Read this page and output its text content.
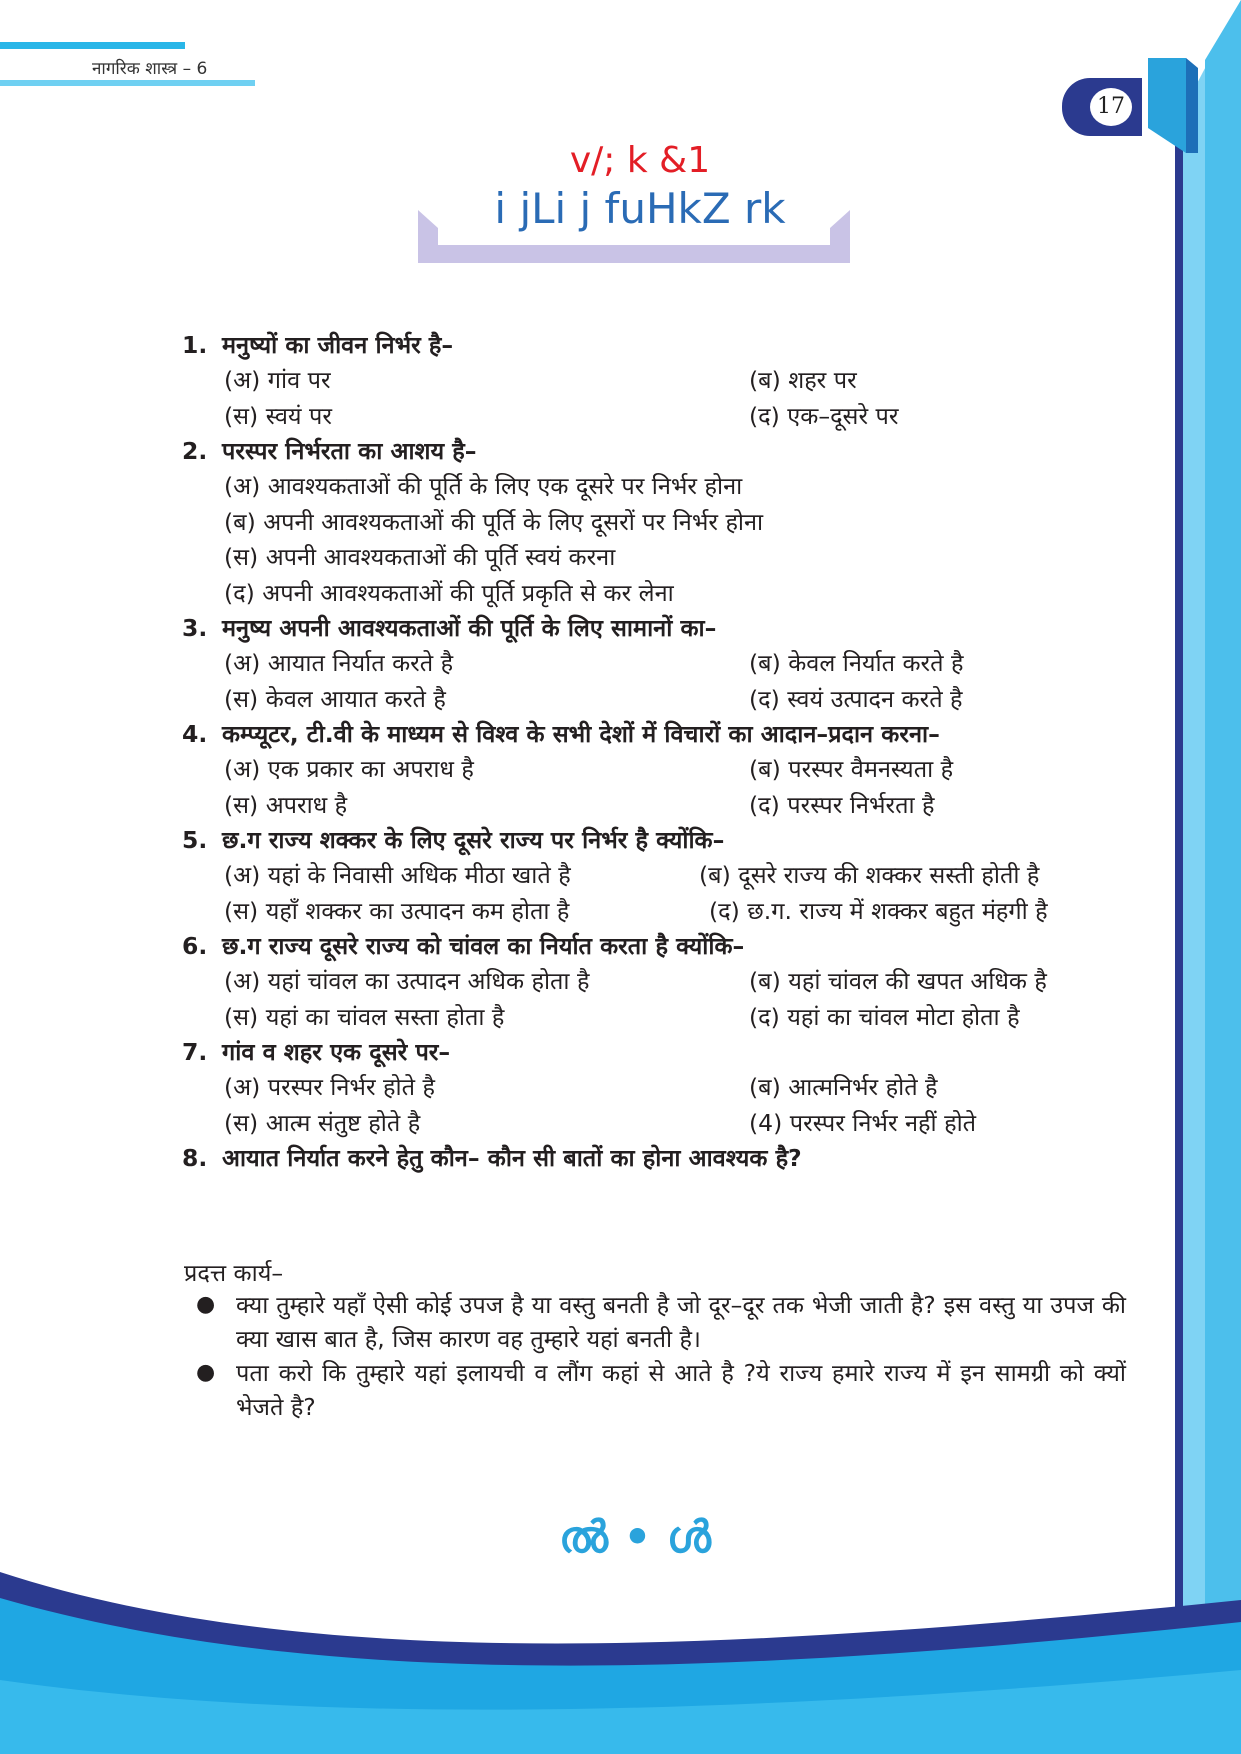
नागरिक शास्त्र – 6
17
v/; k &1
i jLi j fuHkZ rk
1. मनुष्यों का जीवन निर्भर है–
(अ) गांव पर	(ब) शहर पर
(स) स्वयं पर	(द) एक–दूसरे पर
2. परस्पर निर्भरता का आशय है–
(अ) आवश्यकताओं की पूर्ति के लिए एक दूसरे पर निर्भर होना
(ब) अपनी आवश्यकताओं की पूर्ति के लिए दूसरों पर निर्भर होना
(स) अपनी आवश्यकताओं की पूर्ति स्वयं करना
(द) अपनी आवश्यकताओं की पूर्ति प्रकृति से कर लेना
3. मनुष्य अपनी आवश्यकताओं की पूर्ति के लिए सामानों का–
(अ) आयात निर्यात करते है	(ब) केवल निर्यात करते है
(स) केवल आयात करते है	(द) स्वयं उत्पादन करते है
4. कम्प्यूटर, टी.वी के माध्यम से विश्व के सभी देशों में विचारों का आदान–प्रदान करना–
(अ) एक प्रकार का अपराध है	(ब) परस्पर वैमनस्यता है
(स) अपराध है	(द) परस्पर निर्भरता है
5. छ.ग राज्य शक्कर के लिए दूसरे राज्य पर निर्भर है क्योंकि–
(अ) यहां के निवासी अधिक मीठा खाते है	(ब) दूसरे राज्य की शक्कर सस्ती होती है
(स) यहाँ शक्कर का उत्पादन कम होता है	(द) छ.ग. राज्य में शक्कर बहुत मंहगी है
6. छ.ग राज्य दूसरे राज्य को चांवल का निर्यात करता है क्योंकि–
(अ) यहां चांवल का उत्पादन अधिक होता है	(ब) यहां चांवल की खपत अधिक है
(स) यहां का चांवल सस्ता होता है	(द) यहां का चांवल मोटा होता है
7. गांव व शहर एक दूसरे पर–
(अ) परस्पर निर्भर होते है	(ब) आत्मनिर्भर होते है
(स) आत्म संतुष्ट होते है	(4) परस्पर निर्भर नहीं होते
8. आयात निर्यात करने हेतु कौन– कौन सी बातों का होना आवश्यक है?
प्रदत्त कार्य–
● क्या तुम्हारे यहाँ ऐसी कोई उपज है या वस्तु बनती है जो दूर–दूर तक भेजी जाती है? इस वस्तु या उपज की क्या खास बात है, जिस कारण वह तुम्हारे यहां बनती है।
● पता करो कि तुम्हारे यहां इलायची व लौंग कहां से आते है ?ये राज्य हमारे राज्य में इन सामग्री को क्यों भेजते है?
ൽ • ൾ
